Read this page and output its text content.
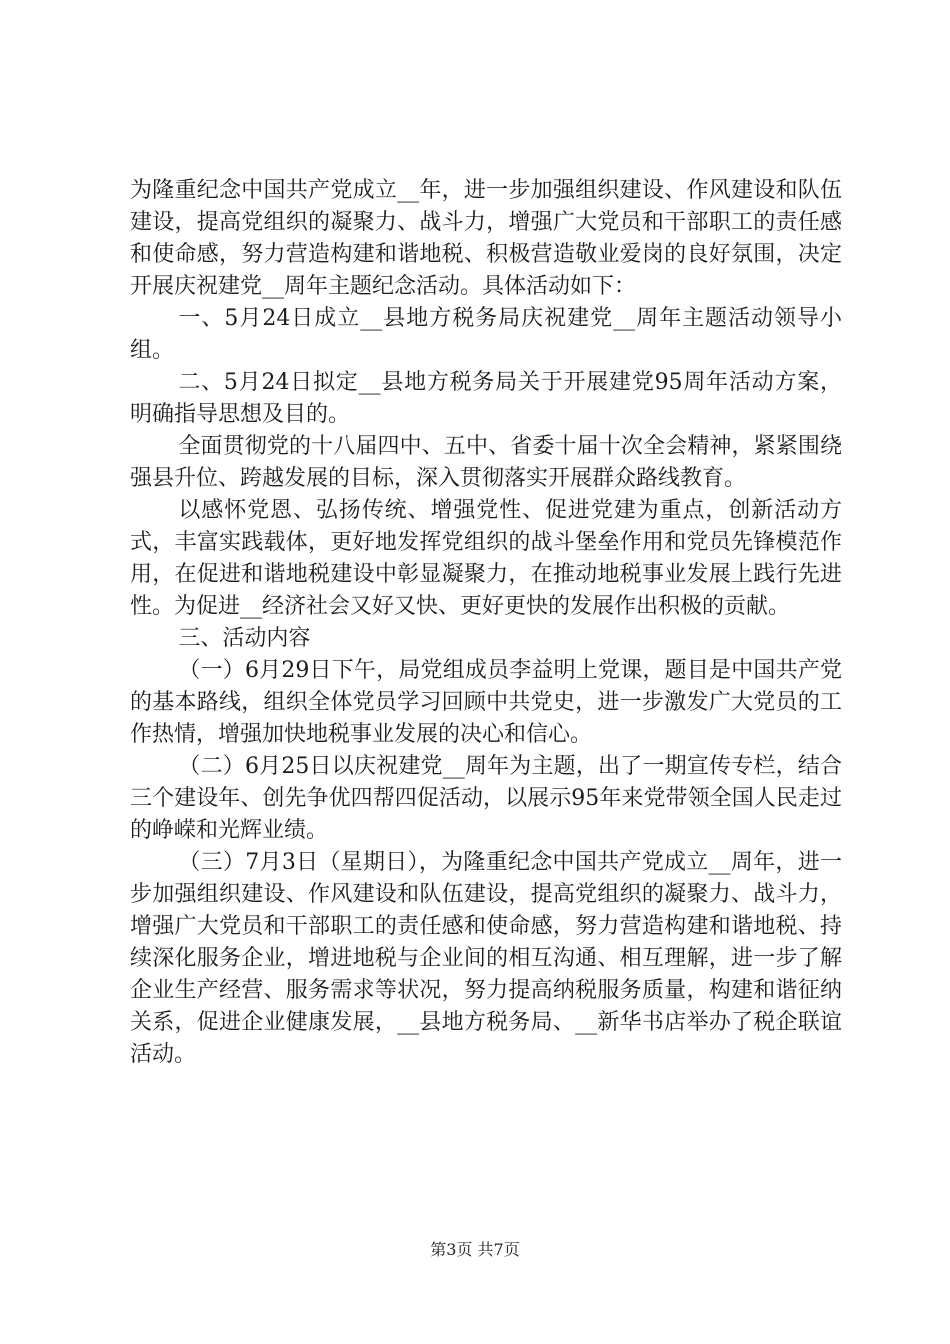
为隆重纪念中国共产党成立__年，进一步加强组织建设、作风建设和队伍建设，提高党组织的凝聚力、战斗力，增强广大党员和干部职工的责任感和使命感，努力营造构建和谐地税、积极营造敬业爱岗的良好氛围，决定开展庆祝建党__周年主题纪念活动。具体活动如下：

一、5月24日成立__县地方税务局庆祝建党__周年主题活动领导小组。

二、5月24日拟定__县地方税务局关于开展建党95周年活动方案，明确指导思想及目的。

全面贯彻党的十八届四中、五中、省委十届十次全会精神，紧紧围绕强县升位、跨越发展的目标，深入贯彻落实开展群众路线教育。

以感怀党恩、弘扬传统、增强党性、促进党建为重点，创新活动方式，丰富实践载体，更好地发挥党组织的战斗堡垒作用和党员先锋模范作用，在促进和谐地税建设中彰显凝聚力，在推动地税事业发展上践行先进性。为促进__经济社会又好又快、更好更快的发展作出积极的贡献。

三、活动内容

（一）6月29日下午，局党组成员李益明上党课，题目是中国共产党的基本路线，组织全体党员学习回顾中共党史，进一步激发广大党员的工作热情，增强加快地税事业发展的决心和信心。

（二）6月25日以庆祝建党__周年为主题，出了一期宣传专栏，结合三个建设年、创先争优四帮四促活动，以展示95年来党带领全国人民走过的峥嵘和光辉业绩。

（三）7月3日（星期日），为隆重纪念中国共产党成立__周年，进一步加强组织建设、作风建设和队伍建设，提高党组织的凝聚力、战斗力，增强广大党员和干部职工的责任感和使命感，努力营造构建和谐地税、持续深化服务企业，增进地税与企业间的相互沟通、相互理解，进一步了解企业生产经营、服务需求等状况，努力提高纳税服务质量，构建和谐征纳关系，促进企业健康发展，__县地方税务局、__新华书店举办了税企联谊活动。

第3页 共7页
